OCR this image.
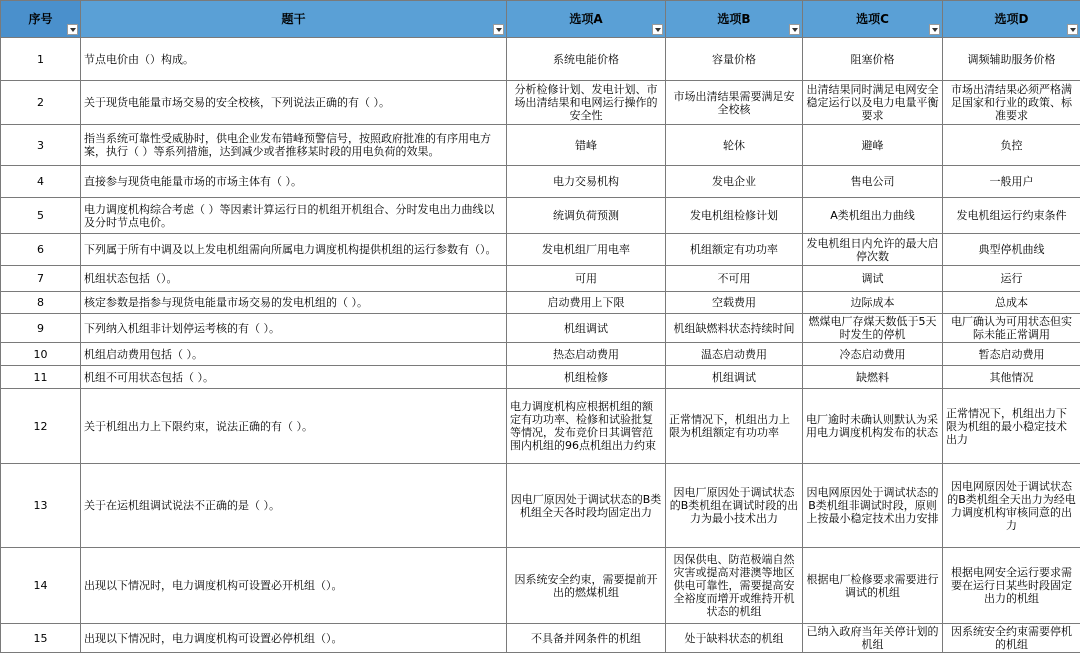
序号	题干	选项A	选项B	选项C	选项D

1	节点电价由（）构成。	系统电能价格	容量价格	阻塞价格	调频辅助服务价格
2	关于现货电能量市场交易的安全校核，下列说法正确的有（ ）。	分析检修计划、发电计划、市场出清结果和电网运行操作的安全性	市场出清结果需要满足安全校核	出清结果同时满足电网安全稳定运行以及电力电量平衡要求	市场出清结果必须严格满足国家和行业的政策、标准要求
3	指当系统可靠性受威胁时，供电企业发布错峰预警信号，按照政府批准的有序用电方案，执行（ ）等系列措施，达到减少或者推移某时段的用电负荷的效果。	错峰	轮休	避峰	负控
4	直接参与现货电能量市场的市场主体有（ ）。	电力交易机构	发电企业	售电公司	一般用户
5	电力调度机构综合考虑（ ）等因素计算运行日的机组开机组合、分时发电出力曲线以及分时节点电价。	统调负荷预测	发电机组检修计划	A类机组出力曲线	发电机组运行约束条件
6	下列属于所有中调及以上发电机组需向所属电力调度机构提供机组的运行参数有（）。	发电机组厂用电率	机组额定有功功率	发电机组日内允许的最大启停次数	典型停机曲线
7	机组状态包括（）。	可用	不可用	调试	运行
8	核定参数是指参与现货电能量市场交易的发电机组的（ ）。	启动费用上下限	空载费用	边际成本	总成本
9	下列纳入机组非计划停运考核的有（ ）。	机组调试	机组缺燃料状态持续时间	燃煤电厂存煤天数低于5天时发生的停机	电厂确认为可用状态但实际未能正常调用
10	机组启动费用包括（ ）。	热态启动费用	温态启动费用	冷态启动费用	暂态启动费用
11	机组不可用状态包括（ ）。	机组检修	机组调试	缺燃料	其他情况
12	关于机组出力上下限约束，说法正确的有（ ）。	电力调度机构应根据机组的额定有功功率、检修和试验批复等情况，发布竞价日其调管范围内机组的96点机组出力约束	正常情况下，机组出力上限为机组额定有功功率	电厂逾时未确认则默认为采用电力调度机构发布的状态	正常情况下，机组出力下限为机组的最小稳定技术出力
13	关于在运机组调试说法不正确的是（ ）。	因电厂原因处于调试状态的B类机组全天各时段均固定出力	因电厂原因处于调试状态的B类机组在调试时段的出力为最小技术出力	因电网原因处于调试状态的B类机组非调试时段，原则上按最小稳定技术出力安排	因电网原因处于调试状态的B类机组全天出力为经电力调度机构审核同意的出力
14	出现以下情况时，电力调度机构可设置必开机组（）。	因系统安全约束，需要提前开出的燃煤机组	因保供电、防范极端自然灾害或提高对港澳等地区供电可靠性，需要提高安全裕度而增开或维持开机状态的机组	根据电厂检修要求需要进行调试的机组	根据电网安全运行要求需要在运行日某些时段固定出力的机组
15	出现以下情况时，电力调度机构可设置必停机组（）。	不具备并网条件的机组	处于缺料状态的机组	已纳入政府当年关停计划的机组	因系统安全约束需要停机的机组
